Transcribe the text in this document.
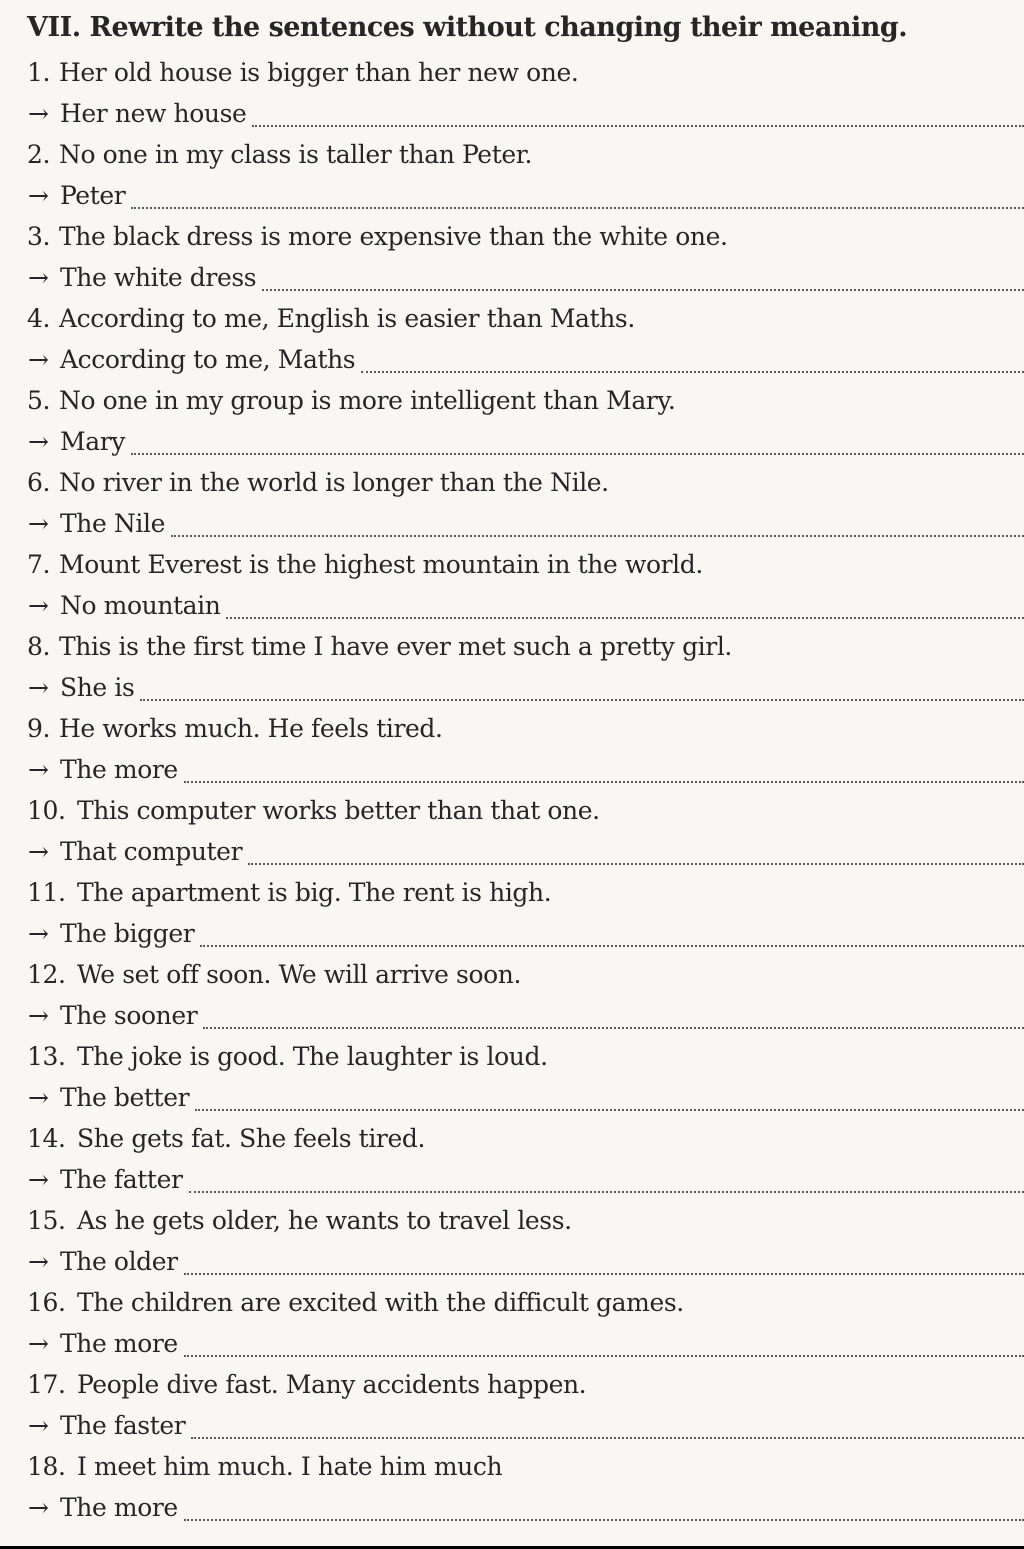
VII. Rewrite the sentences without changing their meaning.
1. Her old house is bigger than her new one.
→ Her new house
2. No one in my class is taller than Peter.
→ Peter
3. The black dress is more expensive than the white one.
→ The white dress
4. According to me, English is easier than Maths.
→ According to me, Maths
5. No one in my group is more intelligent than Mary.
→ Mary
6. No river in the world is longer than the Nile.
→ The Nile
7. Mount Everest is the highest mountain in the world.
→ No mountain
8. This is the first time I have ever met such a pretty girl.
→ She is
9. He works much. He feels tired.
→ The more
10. This computer works better than that one.
→ That computer
11. The apartment is big. The rent is high.
→ The bigger
12. We set off soon. We will arrive soon.
→ The sooner
13. The joke is good. The laughter is loud.
→ The better
14. She gets fat. She feels tired.
→ The fatter
15. As he gets older, he wants to travel less.
→ The older
16. The children are excited with the difficult games.
→ The more
17. People dive fast. Many accidents happen.
→ The faster
18. I meet him much. I hate him much
→ The more
